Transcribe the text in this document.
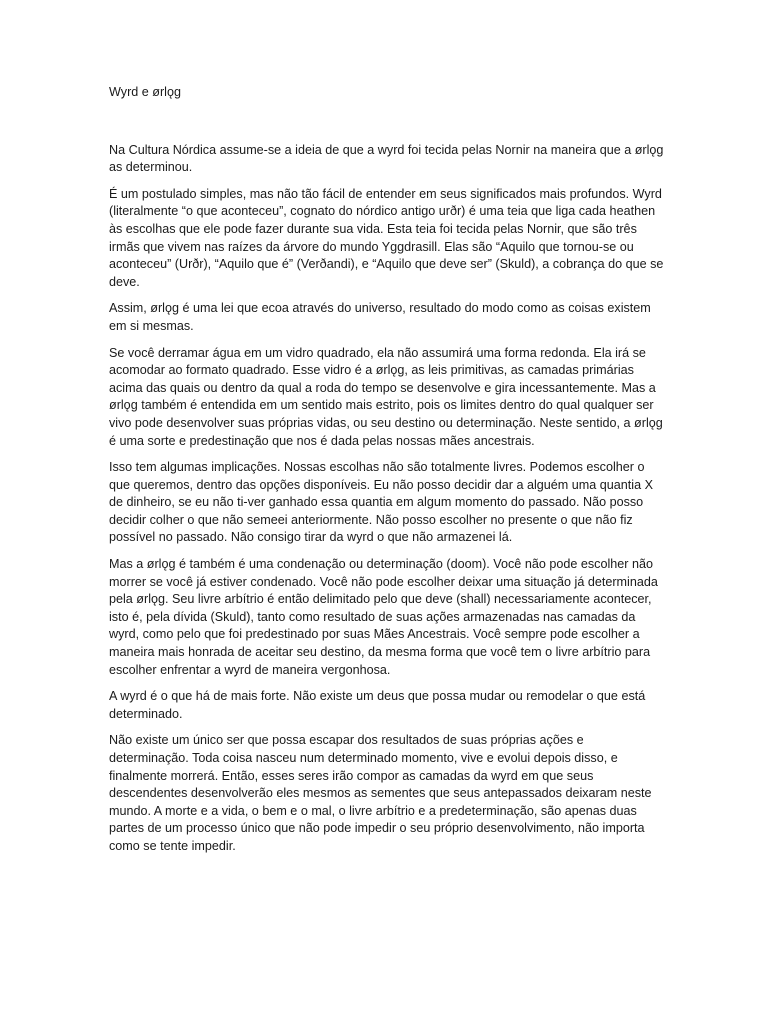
Wyrd e ørlǫg

Na Cultura Nórdica assume-se a ideia de que a wyrd foi tecida pelas Nornir na maneira que a ørlǫg as determinou.

É um postulado simples, mas não tão fácil de entender em seus significados mais profundos. Wyrd (literalmente “o que aconteceu”, cognato do nórdico antigo urðr) é uma teia que liga cada heathen às escolhas que ele pode fazer durante sua vida. Esta teia foi tecida pelas Nornir, que são três irmãs que vivem nas raízes da árvore do mundo Yggdrasill. Elas são “Aquilo que tornou-se ou aconteceu” (Urðr), “Aquilo que é” (Verðandi), e “Aquilo que deve ser” (Skuld), a cobrança do que se deve.

Assim, ørlǫg é uma lei que ecoa através do universo, resultado do modo como as coisas existem em si mesmas.

Se você derramar água em um vidro quadrado, ela não assumirá uma forma redonda. Ela irá se acomodar ao formato quadrado. Esse vidro é a ørlǫg, as leis primitivas, as camadas primárias acima das quais ou dentro da qual a roda do tempo se desenvolve e gira incessantemente. Mas a ørlǫg também é entendida em um sentido mais estrito, pois os limites dentro do qual qualquer ser vivo pode desenvolver suas próprias vidas, ou seu destino ou determinação. Neste sentido, a ørlǫg é uma sorte e predestinação que nos é dada pelas nossas mães ancestrais.

Isso tem algumas implicações. Nossas escolhas não são totalmente livres. Podemos escolher o que queremos, dentro das opções disponíveis. Eu não posso decidir dar a alguém uma quantia X de dinheiro, se eu não ti-ver ganhado essa quantia em algum momento do passado. Não posso decidir colher o que não semeei anteriormente. Não posso escolher no presente o que não fiz possível no passado. Não consigo tirar da wyrd o que não armazenei lá.

Mas a ørlǫg é também é uma condenação ou determinação (doom). Você não pode escolher não morrer se você já estiver condenado. Você não pode escolher deixar uma situação já determinada pela ørlǫg. Seu livre arbítrio é então delimitado pelo que deve (shall) necessariamente acontecer, isto é, pela dívida (Skuld), tanto como resultado de suas ações armazenadas nas camadas da wyrd, como pelo que foi predestinado por suas Mães Ancestrais. Você sempre pode escolher a maneira mais honrada de aceitar seu destino, da mesma forma que você tem o livre arbítrio para escolher enfrentar a wyrd de maneira vergonhosa.

A wyrd é o que há de mais forte. Não existe um deus que possa mudar ou remodelar o que está determinado.

Não existe um único ser que possa escapar dos resultados de suas próprias ações e determinação. Toda coisa nasceu num determinado momento, vive e evolui depois disso, e finalmente morrerá. Então, esses seres irão compor as camadas da wyrd em que seus descendentes desenvolverão eles mesmos as sementes que seus antepassados deixaram neste mundo. A morte e a vida, o bem e o mal, o livre arbítrio e a predeterminação, são apenas duas partes de um processo único que não pode impedir o seu próprio desenvolvimento, não importa como se tente impedir.
